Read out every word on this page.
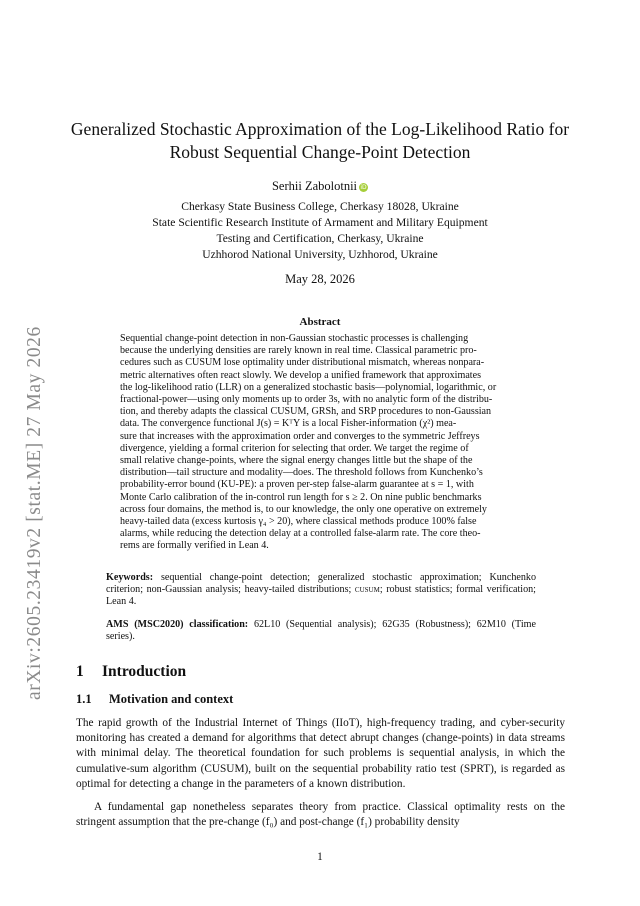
arXiv:2605.23419v2 [stat.ME] 27 May 2026
Generalized Stochastic Approximation of the Log-Likelihood Ratio for Robust Sequential Change-Point Detection
Serhii Zabolotnii iD
Cherkasy State Business College, Cherkasy 18028, Ukraine
State Scientific Research Institute of Armament and Military Equipment
Testing and Certification, Cherkasy, Ukraine
Uzhhorod National University, Uzhhorod, Ukraine
May 28, 2026
Abstract
Sequential change-point detection in non-Gaussian stochastic processes is challenging
because the underlying densities are rarely known in real time. Classical parametric pro-
cedures such as CUSUM lose optimality under distributional mismatch, whereas nonpara-
metric alternatives often react slowly. We develop a unified framework that approximates
the log-likelihood ratio (LLR) on a generalized stochastic basis—polynomial, logarithmic, or
fractional-power—using only moments up to order 3s, with no analytic form of the distribu-
tion, and thereby adapts the classical CUSUM, GRSh, and SRP procedures to non-Gaussian
data. The convergence functional J(s) = KᵀY is a local Fisher-information (χ²) mea-
sure that increases with the approximation order and converges to the symmetric Jeffreys
divergence, yielding a formal criterion for selecting that order. We target the regime of
small relative change-points, where the signal energy changes little but the shape of the
distribution—tail structure and modality—does. The threshold follows from Kunchenko’s
probability-error bound (KU-PE): a proven per-step false-alarm guarantee at s = 1, with
Monte Carlo calibration of the in-control run length for s ≥ 2. On nine public benchmarks
across four domains, the method is, to our knowledge, the only one operative on extremely
heavy-tailed data (excess kurtosis γ₄ > 20), where classical methods produce 100% false
alarms, while reducing the detection delay at a controlled false-alarm rate. The core theo-
rems are formally verified in Lean 4.
Keywords: sequential change-point detection; generalized stochastic approximation; Kunchenko criterion; non-Gaussian analysis; heavy-tailed distributions; cusum; robust statistics; formal verification; Lean 4.
AMS (MSC2020) classification: 62L10 (Sequential analysis); 62G35 (Robustness); 62M10 (Time series).
1 Introduction
1.1 Motivation and context
The rapid growth of the Industrial Internet of Things (IIoT), high-frequency trading, and cyber-security monitoring has created a demand for algorithms that detect abrupt changes (change-points) in data streams with minimal delay. The theoretical foundation for such problems is sequential analysis, in which the cumulative-sum algorithm (CUSUM), built on the sequential probability ratio test (SPRT), is regarded as optimal for detecting a change in the parameters of a known distribution.
A fundamental gap nonetheless separates theory from practice. Classical optimality rests on the stringent assumption that the pre-change (f₀) and post-change (f₁) probability density
1
